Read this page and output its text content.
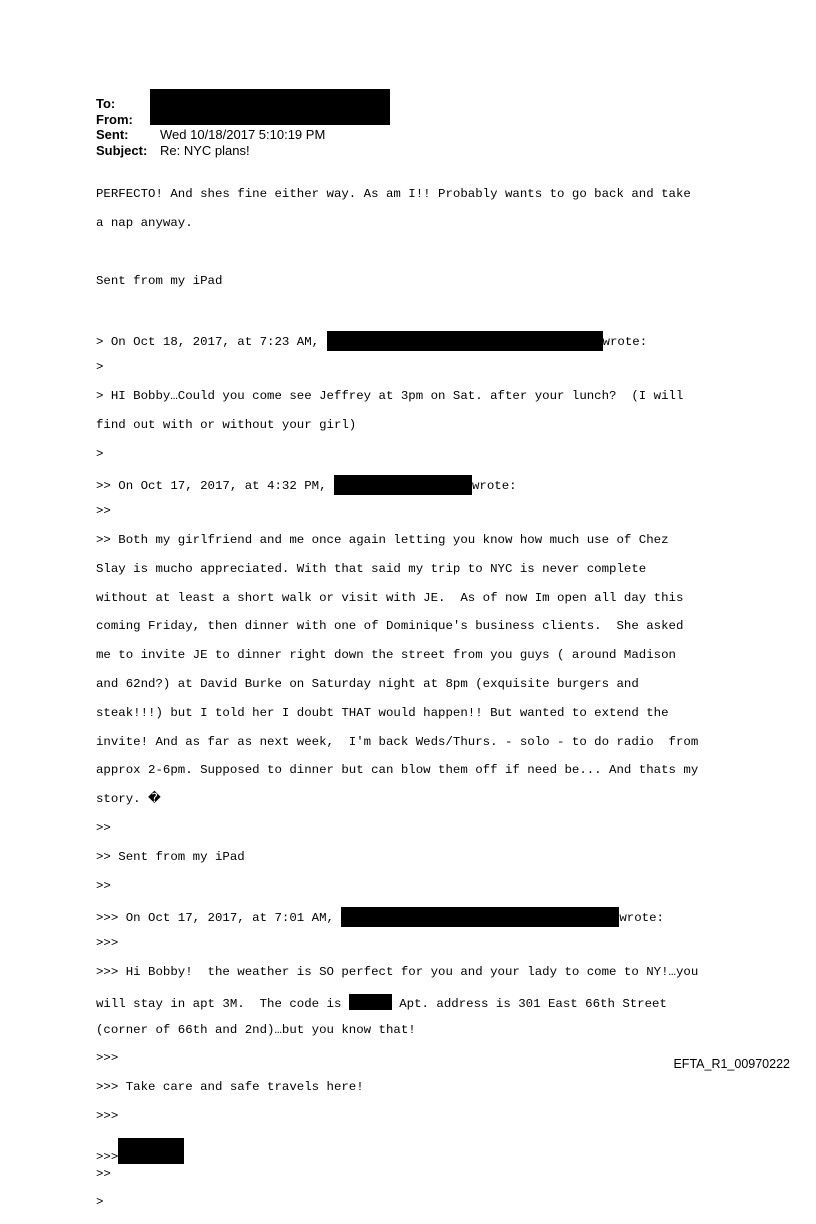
To:
From:
Sent:	Wed 10/18/2017 5:10:19 PM
Subject: Re: NYC plans!

PERFECTO! And shes fine either way. As am I!! Probably wants to go back and take

a nap anyway.

Sent from my iPad

> On Oct 18, 2017, at 7:23 AM,	wrote:

>

> HI Bobby…Could you come see Jeffrey at 3pm on Sat. after your lunch?  (I will

find out with or without your girl)

>

>> On Oct 17, 2017, at 4:32 PM,	wrote:

>>

>> Both my girlfriend and me once again letting you know how much use of Chez

Slay is mucho appreciated. With that said my trip to NYC is never complete

without at least a short walk or visit with JE.  As of now Im open all day this

coming Friday, then dinner with one of Dominique's business clients.  She asked

me to invite JE to dinner right down the street from you guys ( around Madison

and 62nd?) at David Burke on Saturday night at 8pm (exquisite burgers and

steak!!!) but I told her I doubt THAT would happen!! But wanted to extend the

invite! And as far as next week,  I'm back Weds/Thurs. - solo - to do radio  from

approx 2-6pm. Supposed to dinner but can blow them off if need be... And thats my

story. �

>>

>> Sent from my iPad

>>

>>> On Oct 17, 2017, at 7:01 AM,	wrote:

>>>

>>> Hi Bobby!  the weather is SO perfect for you and your lady to come to NY!…you

will stay in apt 3M.  The code is	Apt. address is 301 East 66th Street

(corner of 66th and 2nd)…but you know that!

>>>

>>> Take care and safe travels here!

>>>

>>>

>>

>

EFTA_R1_00970222
